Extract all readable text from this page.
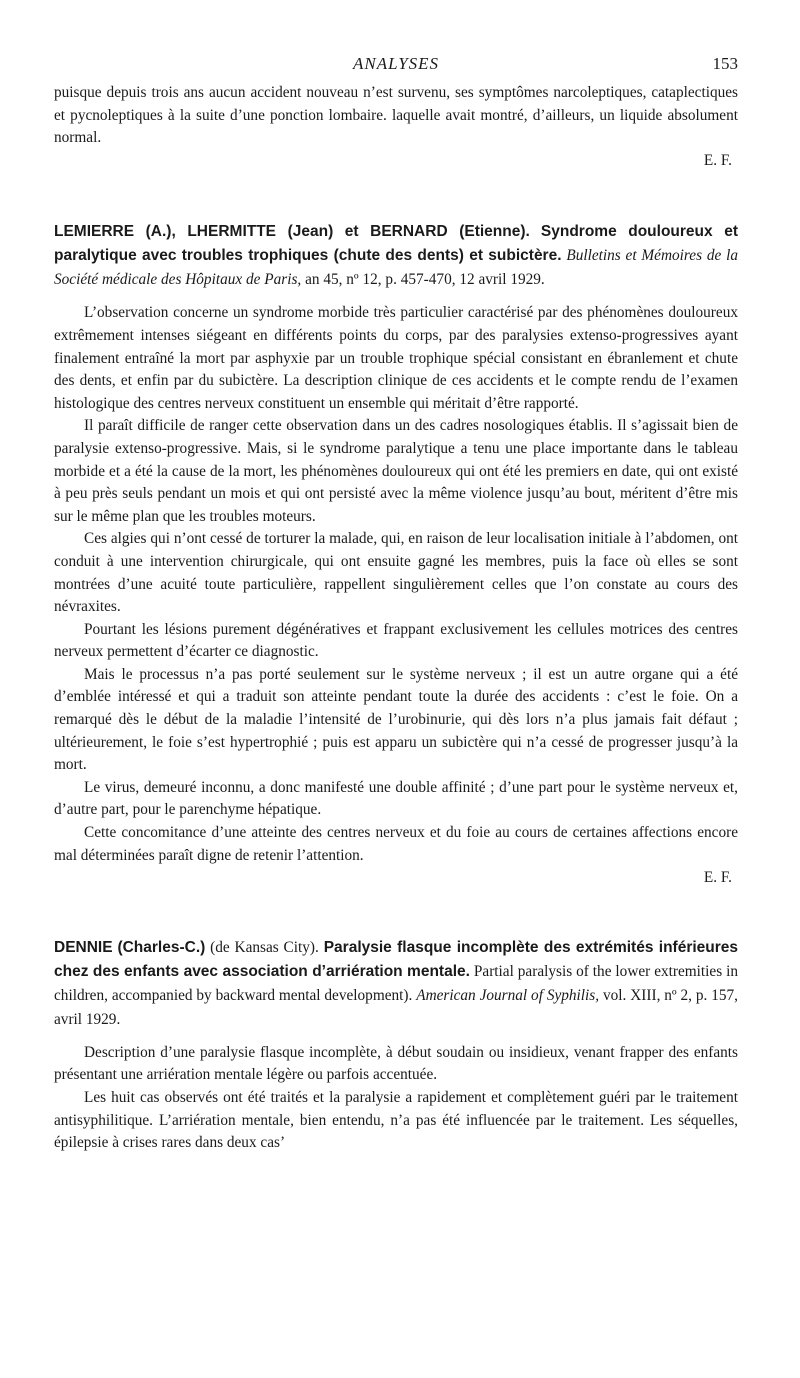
ANALYSES	153

puisque depuis trois ans aucun accident nouveau n’est survenu, ses symptômes narcoleptiques, cataplectiques et pycnoleptiques à la suite d’une ponction lombaire. laquelle avait montré, d’ailleurs, un liquide absolument normal.

E. F.
LEMIERRE (A.), LHERMITTE (Jean) et BERNARD (Etienne). Syndrome douloureux et paralytique avec troubles trophiques (chute des dents) et subictère. Bulletins et Mémoires de la Société médicale des Hôpitaux de Paris, an 45, nº 12, p. 457-470, 12 avril 1929.

L’observation concerne un syndrome morbide très particulier caractérisé par des phénomènes douloureux extrêmement intenses siégeant en différents points du corps, par des paralysies extenso-progressives ayant finalement entraîné la mort par asphyxie par un trouble trophique spécial consistant en ébranlement et chute des dents, et enfin par du subictère. La description clinique de ces accidents et le compte rendu de l’examen histologique des centres nerveux constituent un ensemble qui méritait d’être rapporté.

Il paraît difficile de ranger cette observation dans un des cadres nosologiques établis. Il s’agissait bien de paralysie extenso-progressive. Mais, si le syndrome paralytique a tenu une place importante dans le tableau morbide et a été la cause de la mort, les phénomènes douloureux qui ont été les premiers en date, qui ont existé à peu près seuls pendant un mois et qui ont persisté avec la même violence jusqu’au bout, méritent d’être mis sur le même plan que les troubles moteurs.

Ces algies qui n’ont cessé de torturer la malade, qui, en raison de leur localisation initiale à l’abdomen, ont conduit à une intervention chirurgicale, qui ont ensuite gagné les membres, puis la face où elles se sont montrées d’une acuité toute particulière, rappellent singulièrement celles que l’on constate au cours des névraxites.

Pourtant les lésions purement dégénératives et frappant exclusivement les cellules motrices des centres nerveux permettent d’écarter ce diagnostic.

Mais le processus n’a pas porté seulement sur le système nerveux ; il est un autre organe qui a été d’emblée intéressé et qui a traduit son atteinte pendant toute la durée des accidents : c’est le foie. On a remarqué dès le début de la maladie l’intensité de l’urobinurie, qui dès lors n’a plus jamais fait défaut ; ultérieurement, le foie s’est hypertrophié ; puis est apparu un subictère qui n’a cessé de progresser jusqu’à la mort.

Le virus, demeuré inconnu, a donc manifesté une double affinité ; d’une part pour le système nerveux et, d’autre part, pour le parenchyme hépatique.

Cette concomitance d’une atteinte des centres nerveux et du foie au cours de certaines affections encore mal déterminées paraît digne de retenir l’attention.

E. F.
DENNIE (Charles-C.) (de Kansas City). Paralysie flasque incomplète des extrémités inférieures chez des enfants avec association d’arriération mentale. Partial paralysis of the lower extremities in children, accompanied by backward mental development). American Journal of Syphilis, vol. XIII, nº 2, p. 157, avril 1929.

Description d’une paralysie flasque incomplète, à début soudain ou insidieux, venant frapper des enfants présentant une arriération mentale légère ou parfois accentuée.

Les huit cas observés ont été traités et la paralysie a rapidement et complètement guéri par le traitement antisyphilitique. L’arriération mentale, bien entendu, n’a pas été influencée par le traitement. Les séquelles, épilepsie à crises rares dans deux cas’
